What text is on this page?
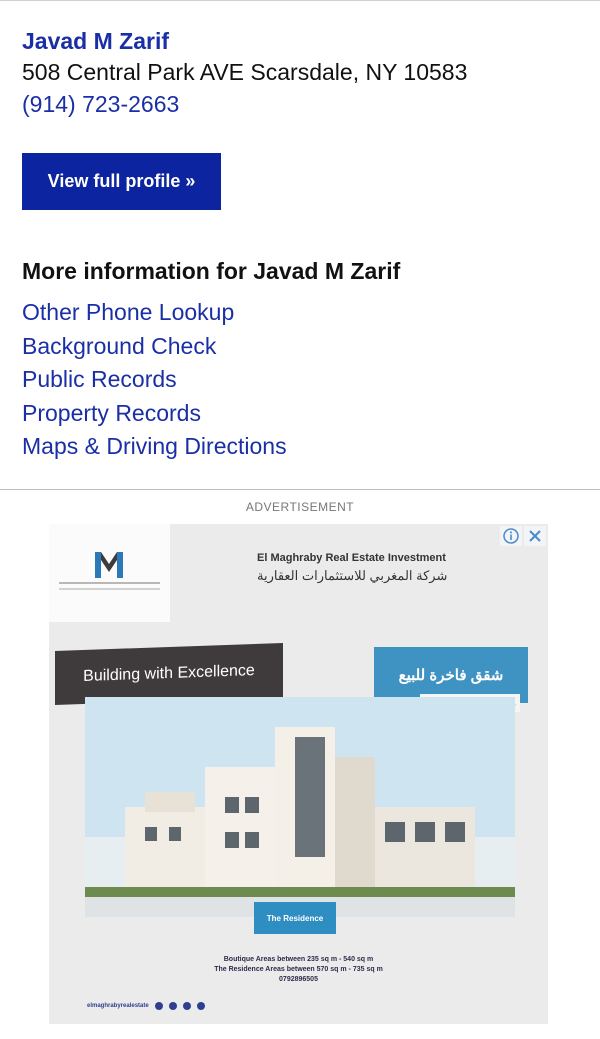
Javad M Zarif
508 Central Park AVE Scarsdale, NY 10583
(914) 723-2663
View full profile »
More information for Javad M Zarif
Other Phone Lookup
Background Check
Public Records
Property Records
Maps & Driving Directions
ADVERTISEMENT
El Maghraby Real Estate Investment
شركة المغربي للاستثمارات العقارية
Building with Excellence	شقق فاخرة للبيع
The Residence
Boutique Areas between 235 sq m - 540 sq m
The Residence Areas between 570 sq m - 735 sq m
0792896505
elmaghrabyrealestate
